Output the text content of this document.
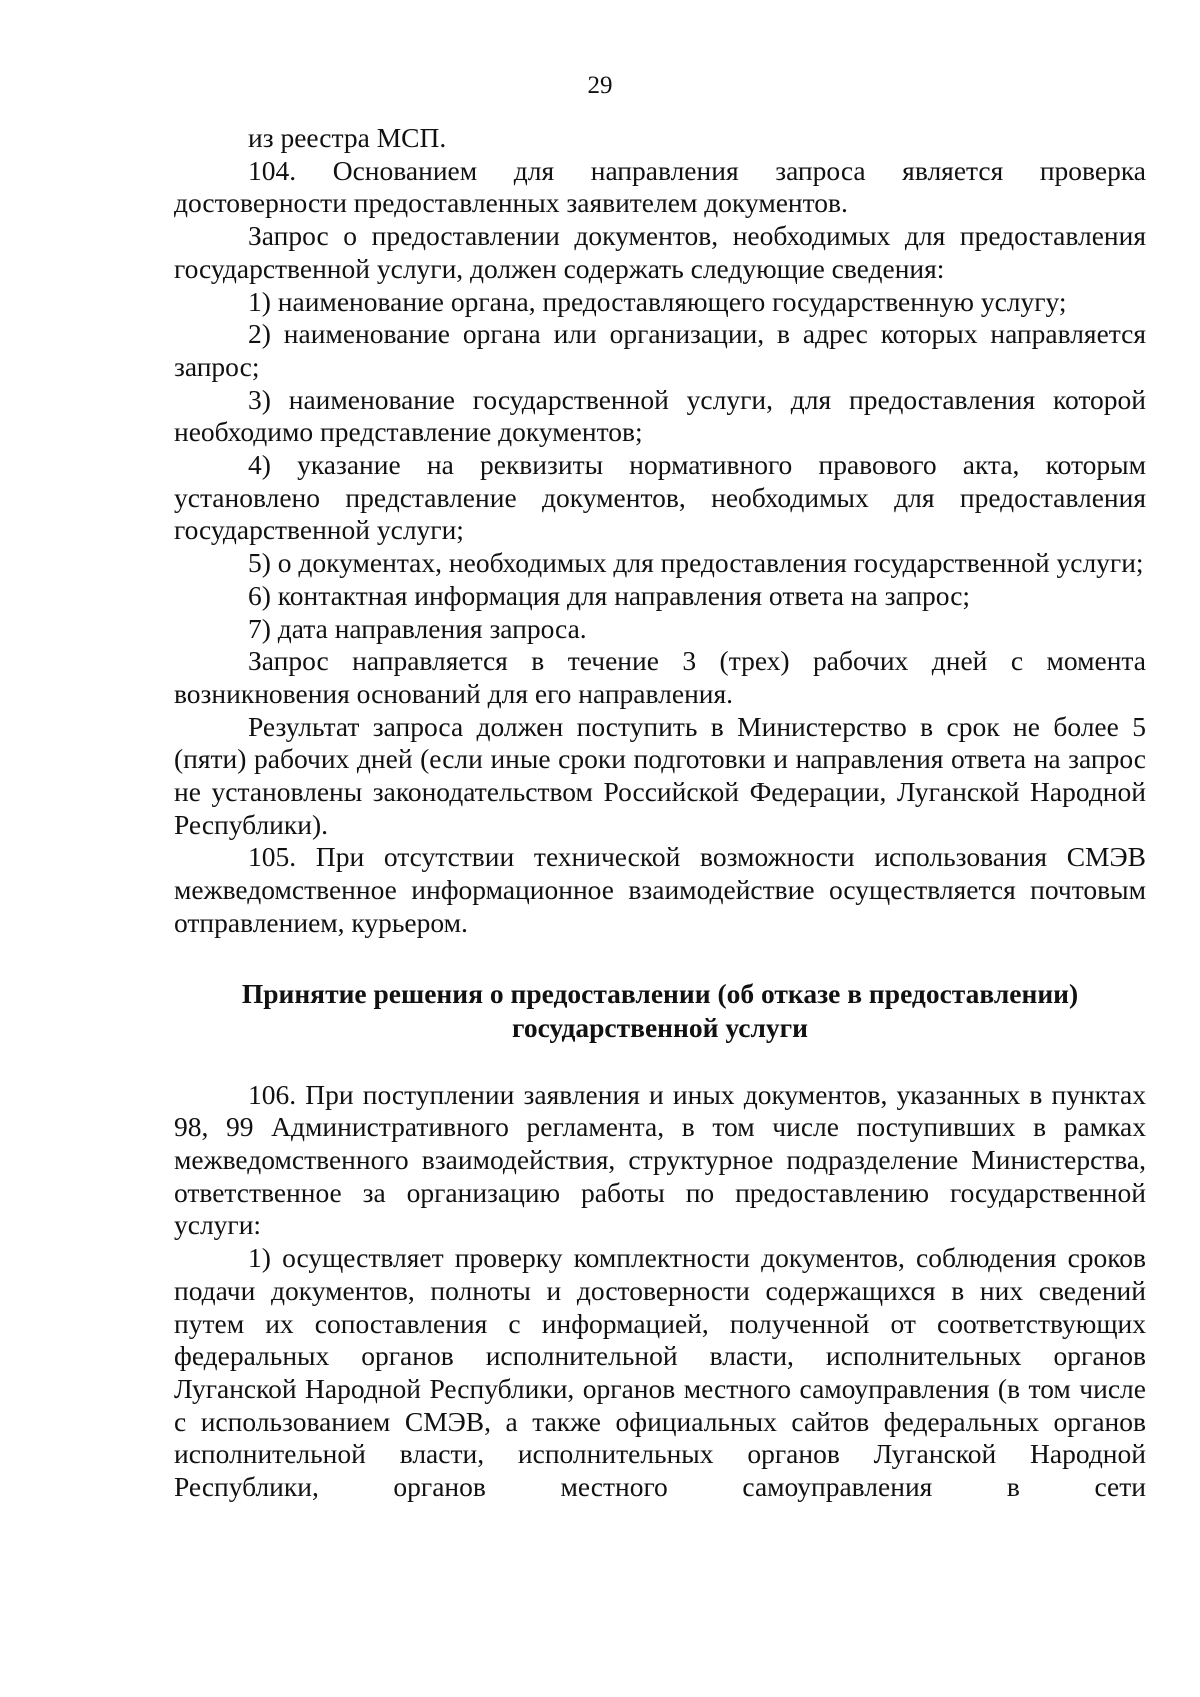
29

из реестра МСП.

104. Основанием для направления запроса является проверка достоверности предоставленных заявителем документов.

Запрос о предоставлении документов, необходимых для предоставления государственной услуги, должен содержать следующие сведения:

1) наименование органа, предоставляющего государственную услугу;

2) наименование органа или организации, в адрес которых направляется запрос;

3) наименование государственной услуги, для предоставления которой необходимо представление документов;

4) указание на реквизиты нормативного правового акта, которым установлено представление документов, необходимых для предоставления государственной услуги;

5) о документах, необходимых для предоставления государственной услуги;

6) контактная информация для направления ответа на запрос;

7) дата направления запроса.

Запрос направляется в течение 3 (трех) рабочих дней с момента возникновения оснований для его направления.

Результат запроса должен поступить в Министерство в срок не более 5 (пяти) рабочих дней (если иные сроки подготовки и направления ответа на запрос не установлены законодательством Российской Федерации, Луганской Народной Республики).

105. При отсутствии технической возможности использования СМЭВ межведомственное информационное взаимодействие осуществляется почтовым отправлением, курьером.

Принятие решения о предоставлении (об отказе в предоставлении)
государственной услуги

106. При поступлении заявления и иных документов, указанных в пунктах 98, 99 Административного регламента, в том числе поступивших в рамках межведомственного взаимодействия, структурное подразделение Министерства, ответственное за организацию работы по предоставлению государственной услуги:

1) осуществляет проверку комплектности документов, соблюдения сроков подачи документов, полноты и достоверности содержащихся в них сведений путем их сопоставления с информацией, полученной от соответствующих федеральных органов исполнительной власти, исполнительных органов Луганской Народной Республики, органов местного самоуправления (в том числе с использованием СМЭВ, а также официальных сайтов федеральных органов исполнительной власти, исполнительных органов Луганской Народной Республики, органов местного самоуправления в сети
